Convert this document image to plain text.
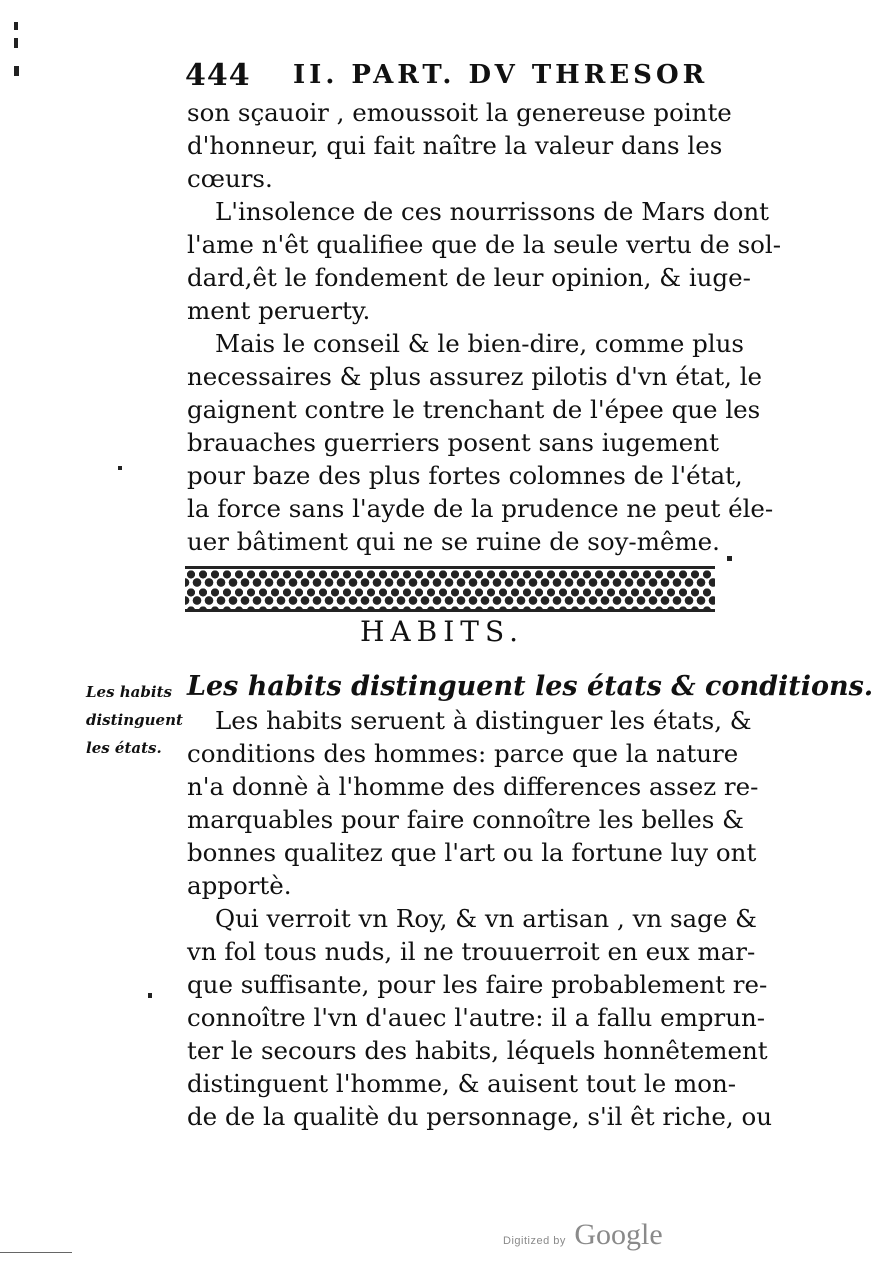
444 II. PART. DV THRESOR
son sçauoir , emoussoit la genereuse pointe
d'honneur, qui fait naître la valeur dans les
cœurs.
L'insolence de ces nourrissons de Mars dont
l'ame n'êt qualifiee que de la seule vertu de sol-
dard,êt le fondement de leur opinion, & iuge-
ment peruerty.
Mais le conseil & le bien-dire, comme plus
necessaires & plus assurez pilotis d'vn état, le
gaignent contre le trenchant de l'épee que les
brauaches guerriers posent sans iugement
pour baze des plus fortes colomnes de l'état,
la force sans l'ayde de la prudence ne peut éle-
uer bâtiment qui ne se ruine de soy-même.
HABITS.
Les habits distinguent les états & conditions.
Les habits
distinguent
les états.
Les habits seruent à distinguer les états, &
conditions des hommes: parce que la nature
n'a donnè à l'homme des differences assez re-
marquables pour faire connoître les belles &
bonnes qualitez que l'art ou la fortune luy ont
apportè.
Qui verroit vn Roy, & vn artisan , vn sage &
vn fol tous nuds, il ne trouuerroit en eux mar-
que suffisante, pour les faire probablement re-
connoître l'vn d'auec l'autre: il a fallu emprun-
ter le secours des habits, léquels honnêtement
distinguent l'homme, & auisent tout le mon-
de de la qualitè du personnage, s'il êt riche, ou
Digitized by Google
